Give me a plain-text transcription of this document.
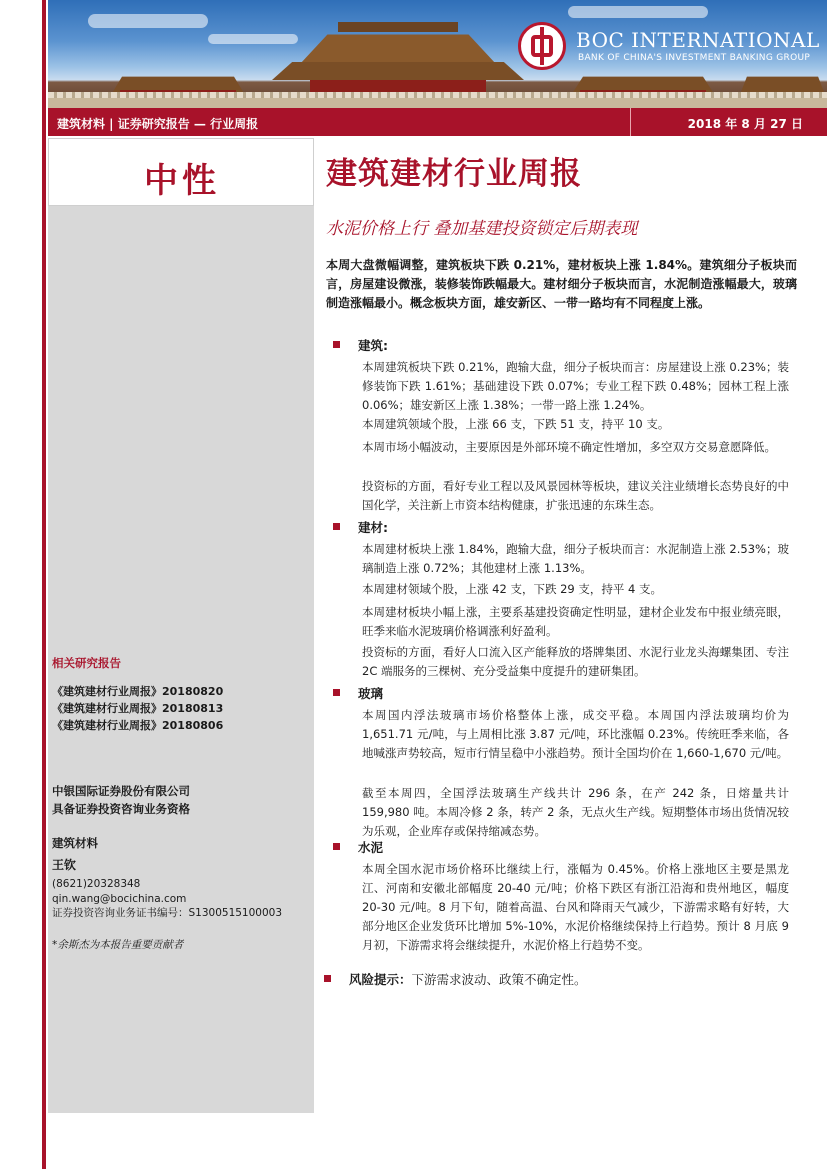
BOC INTERNATIONAL
BANK OF CHINA'S INVESTMENT BANKING GROUP
建筑材料 | 证券研究报告 — 行业周报	2018 年 8 月 27 日
中性
相关研究报告
《建筑建材行业周报》20180820
《建筑建材行业周报》20180813
《建筑建材行业周报》20180806
中银国际证券股份有限公司
具备证券投资咨询业务资格
建筑材料
王钦
(8621)20328348
qin.wang@bocichina.com
证券投资咨询业务证书编号：S1300515100003
*余斯杰为本报告重要贡献者
建筑建材行业周报
水泥价格上行 叠加基建投资锁定后期表现
本周大盘微幅调整，建筑板块下跌 0.21%，建材板块上涨 1.84%。建筑细分子板块而言，房屋建设微涨，装修装饰跌幅最大。建材细分子板块而言，水泥制造涨幅最大，玻璃制造涨幅最小。概念板块方面，雄安新区、一带一路均有不同程度上涨。
建筑:
本周建筑板块下跌 0.21%，跑输大盘，细分子板块而言：房屋建设上涨 0.23%；装修装饰下跌 1.61%；基础建设下跌 0.07%；专业工程下跌 0.48%；园林工程上涨 0.06%；雄安新区上涨 1.38%；一带一路上涨 1.24%。
本周建筑领域个股，上涨 66 支，下跌 51 支，持平 10 支。
本周市场小幅波动，主要原因是外部环境不确定性增加，多空双方交易意愿降低。
投资标的方面，看好专业工程以及风景园林等板块，建议关注业绩增长态势良好的中国化学，关注新上市资本结构健康，扩张迅速的东珠生态。
建材:
本周建材板块上涨 1.84%，跑输大盘，细分子板块而言：水泥制造上涨 2.53%；玻璃制造上涨 0.72%；其他建材上涨 1.13%。
本周建材领域个股，上涨 42 支，下跌 29 支，持平 4 支。
本周建材板块小幅上涨，主要系基建投资确定性明显，建材企业发布中报业绩亮眼，旺季来临水泥玻璃价格调涨利好盈利。
投资标的方面，看好人口流入区产能释放的塔牌集团、水泥行业龙头海螺集团、专注 2C 端服务的三棵树、充分受益集中度提升的建研集团。
玻璃
本周国内浮法玻璃市场价格整体上涨，成交平稳。本周国内浮法玻璃均价为 1,651.71 元/吨，与上周相比涨 3.87 元/吨，环比涨幅 0.23%。传统旺季来临，各地喊涨声势较高，短市行情呈稳中小涨趋势。预计全国均价在 1,660-1,670 元/吨。
截至本周四，全国浮法玻璃生产线共计 296 条，在产 242 条，日熔量共计 159,980 吨。本周冷修 2 条，转产 2 条，无点火生产线。短期整体市场出货情况较为乐观，企业库存或保持缩减态势。
水泥
本周全国水泥市场价格环比继续上行，涨幅为 0.45%。价格上涨地区主要是黑龙江、河南和安徽北部幅度 20-40 元/吨；价格下跌区有浙江沿海和贵州地区，幅度 20-30 元/吨。8 月下旬，随着高温、台风和降雨天气减少，下游需求略有好转，大部分地区企业发货环比增加 5%-10%，水泥价格继续保持上行趋势。预计 8 月底 9 月初，下游需求将会继续提升，水泥价格上行趋势不变。
风险提示：下游需求波动、政策不确定性。
